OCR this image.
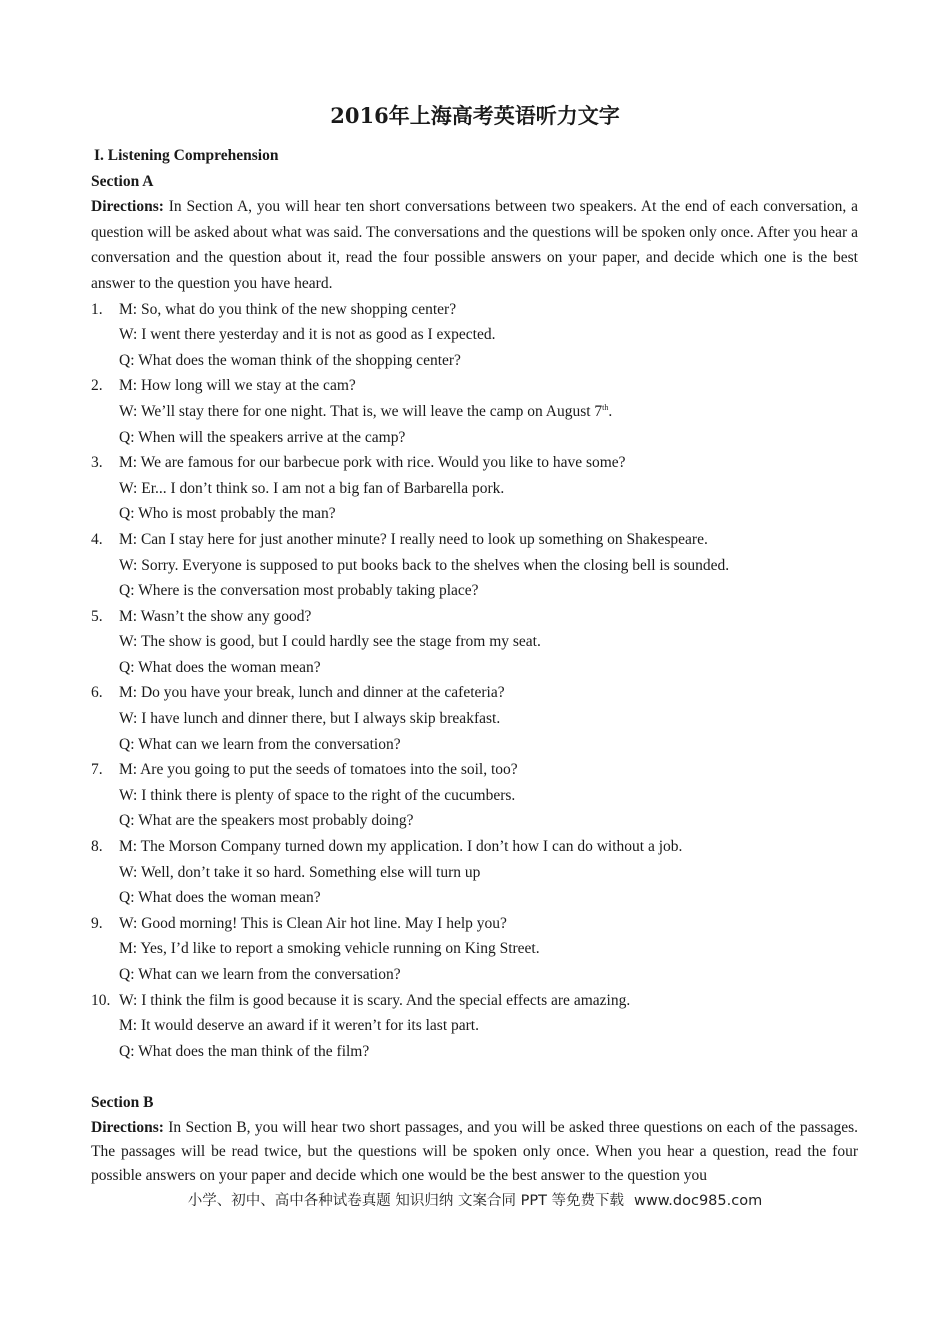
2016年上海高考英语听力文字
I. Listening Comprehension
Section A
Directions: In Section A, you will hear ten short conversations between two speakers. At the end of each conversation, a question will be asked about what was said. The conversations and the questions will be spoken only once. After you hear a conversation and the question about it, read the four possible answers on your paper, and decide which one is the best answer to the question you have heard.
1.	M: So, what do you think of the new shopping center?
W: I went there yesterday and it is not as good as I expected.
Q: What does the woman think of the shopping center?
2.	M: How long will we stay at the cam?
W: We’ll stay there for one night. That is, we will leave the camp on August 7th.
Q: When will the speakers arrive at the camp?
3.	M: We are famous for our barbecue pork with rice. Would you like to have some?
W: Er... I don’t think so. I am not a big fan of Barbarella pork.
Q: Who is most probably the man?
4.	M: Can I stay here for just another minute? I really need to look up something on Shakespeare.
W: Sorry. Everyone is supposed to put books back to the shelves when the closing bell is sounded.
Q: Where is the conversation most probably taking place?
5.	M: Wasn’t the show any good?
W: The show is good, but I could hardly see the stage from my seat.
Q: What does the woman mean?
6.	M: Do you have your break, lunch and dinner at the cafeteria?
W: I have lunch and dinner there, but I always skip breakfast.
Q: What can we learn from the conversation?
7.	M: Are you going to put the seeds of tomatoes into the soil, too?
W: I think there is plenty of space to the right of the cucumbers.
Q: What are the speakers most probably doing?
8.	M: The Morson Company turned down my application. I don’t how I can do without a job.
W: Well, don’t take it so hard. Something else will turn up
Q: What does the woman mean?
9.	W: Good morning! This is Clean Air hot line. May I help you?
M: Yes, I’d like to report a smoking vehicle running on King Street.
Q: What can we learn from the conversation?
10. W: I think the film is good because it is scary. And the special effects are amazing.
M: It would deserve an award if it weren’t for its last part.
Q: What does the man think of the film?
Section B
Directions: In Section B, you will hear two short passages, and you will be asked three questions on each of the passages. The passages will be read twice, but the questions will be spoken only once. When you hear a question, read the four possible answers on your paper and decide which one would be the best answer to the question you
小学、初中、高中各种试卷真题 知识归纳 文案合同 PPT 等免费下载 www.doc985.com
